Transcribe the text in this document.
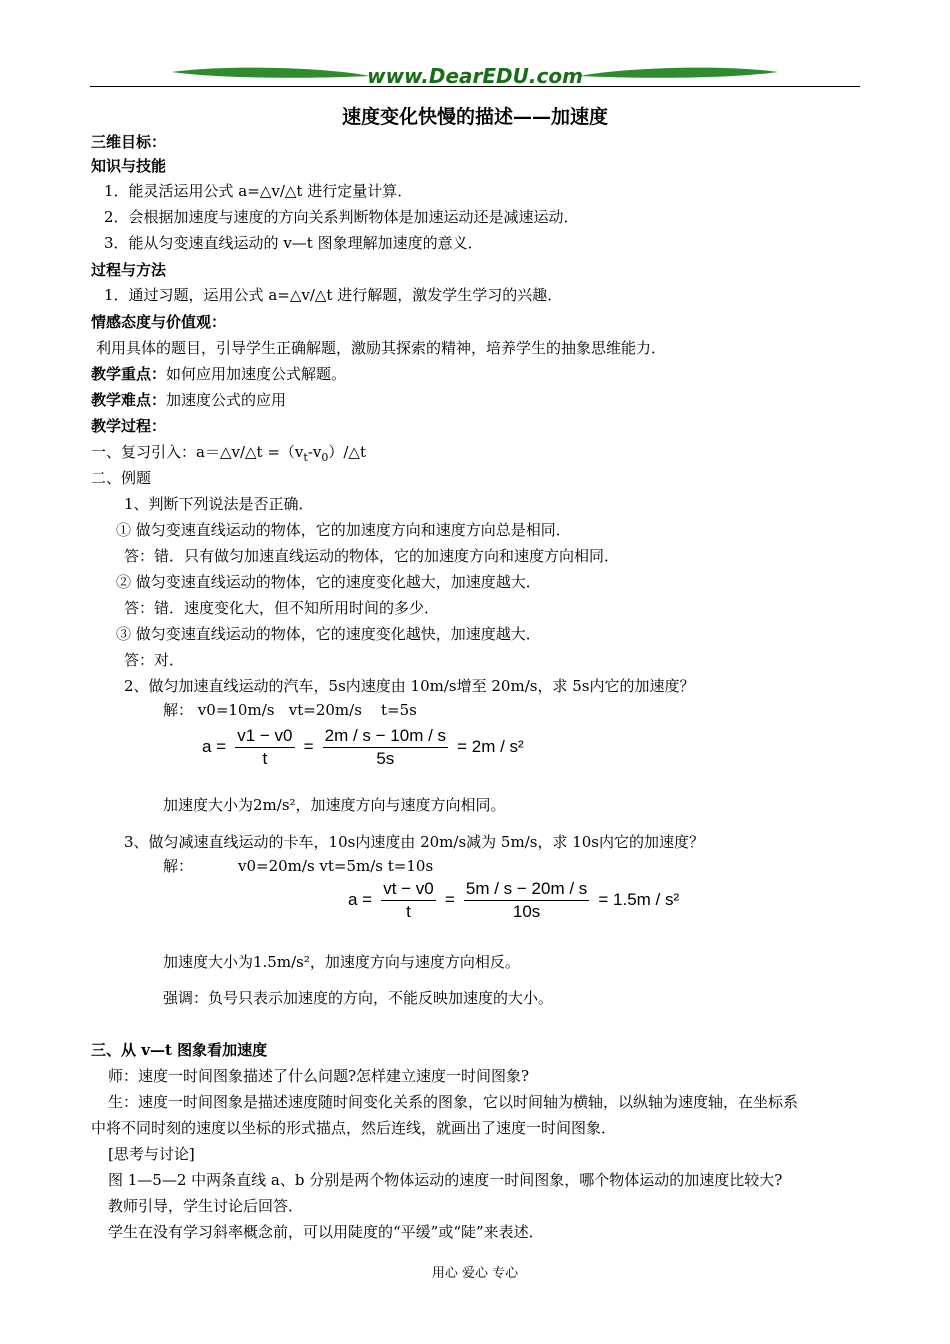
www.DearEDU.com
速度变化快慢的描述——加速度
三维目标：
知识与技能
1．能灵活运用公式 a=△v/△t 进行定量计算．
2．会根据加速度与速度的方向关系判断物体是加速运动还是减速运动．
3．能从匀变速直线运动的 v—t 图象理解加速度的意义．
过程与方法
1．通过习题，运用公式 a=△v/△t 进行解题，激发学生学习的兴趣．
情感态度与价值观：
利用具体的题目，引导学生正确解题，激励其探索的精神，培养学生的抽象思维能力．
教学重点：如何应用加速度公式解题。
教学难点：加速度公式的应用
教学过程：
一、复习引入：a＝△v/△t $=(v_t-v_0)/\triangle t$
二、例题
1、判断下列说法是否正确．
① 做匀变速直线运动的物体，它的加速度方向和速度方向总是相同．
答：错．只有做匀加速直线运动的物体，它的加速度方向和速度方向相同．
② 做匀变速直线运动的物体，它的速度变化越大，加速度越大．
答：错．速度变化大，但不知所用时间的多少．
③ 做匀变速直线运动的物体，它的速度变化越快，加速度越大．
答：对．
2、做匀加速直线运动的汽车，5s内速度由 10m/s增至 20m/s，求 5s内它的加速度？
解： v0=10m/s vt=20m/s t=5s
$a = \frac{v1 - v0}{t} = \frac{2m / s - 10m / s}{5s} = 2m / s^2$
加速度大小为2m/s²，加速度方向与速度方向相同。
3、做匀减速直线运动的卡车，10s内速度由 20m/s减为 5m/s，求 10s内它的加速度？
解：	v0=20m/s vt=5m/s t=10s
$a = \frac{vt - v0}{t} = \frac{5m / s - 20m / s}{10s} = 1.5m / s^2$
加速度大小为1.5m/s²，加速度方向与速度方向相反。
强调：负号只表示加速度的方向，不能反映加速度的大小。
三、从 v—t 图象看加速度
师：速度一时间图象描述了什么问题?怎样建立速度一时间图象?
生：速度一时间图象是描述速度随时间变化关系的图象，它以时间轴为横轴，以纵轴为速度轴，在坐标系
中将不同时刻的速度以坐标的形式描点，然后连线，就画出了速度一时间图象．
[思考与讨论]
图 1—5—2 中两条直线 a、b 分别是两个物体运动的速度一时间图象，哪个物体运动的加速度比较大?
教师引导，学生讨论后回答．
学生在没有学习斜率概念前，可以用陡度的“平缓”或“陡”来表述．
用心 爱心 专心
